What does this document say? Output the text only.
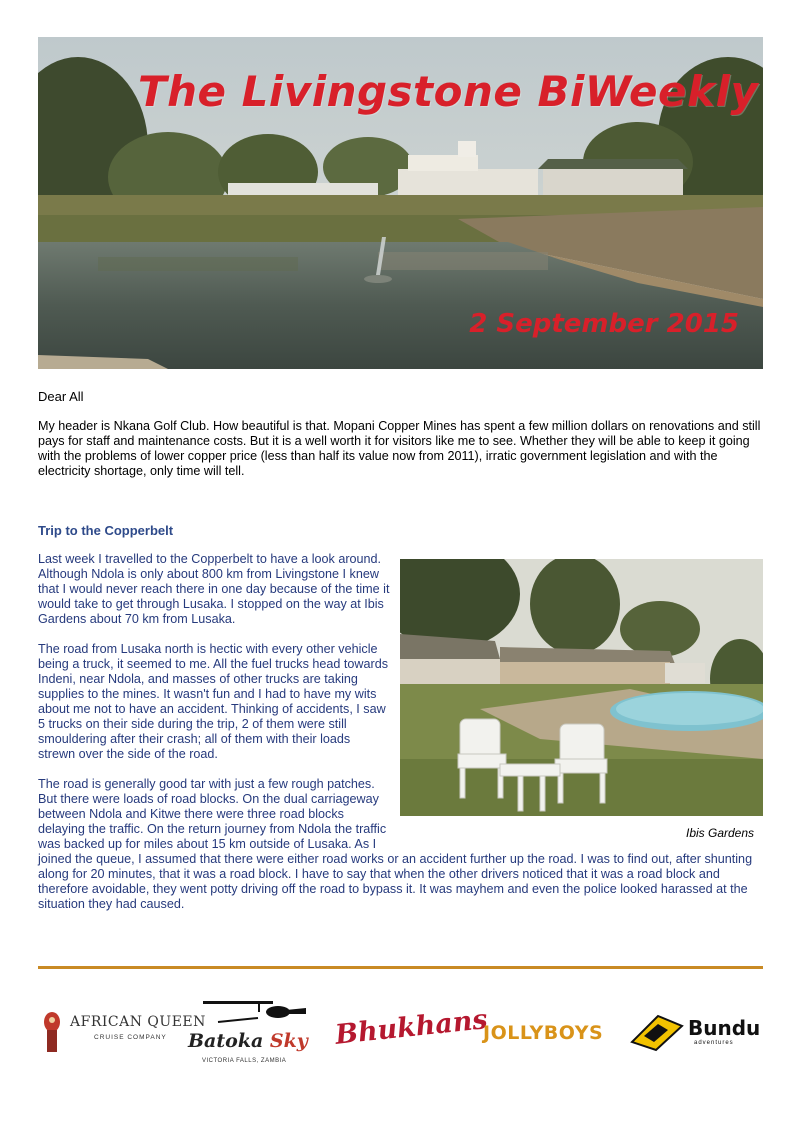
The Livingstone BiWeekly
2 September 2015
Dear All
My header is Nkana Golf Club. How beautiful is that. Mopani Copper Mines has spent a few million dollars on renovations and still pays for staff and maintenance costs. But it is a well worth it for visitors like me to see. Whether they will be able to keep it going with the problems of lower copper price (less than half its value now from 2011), irratic government legislation and with the electricity shortage, only time will tell.
Trip to the Copperbelt

Last week I travelled to the Copperbelt to have a look around. Although Ndola is only about 800 km from Livingstone I knew that I would never reach there in one day because of the time it would take to get through Lusaka. I stopped on the way at Ibis Gardens about 70 km from Lusaka.

The road from Lusaka north is hectic with every other vehicle being a truck, it seemed to me. All the fuel trucks head towards Indeni, near Ndola, and masses of other trucks are taking supplies to the mines. It wasn't fun and I had to have my wits about me not to have an accident. Thinking of accidents, I saw 5 trucks on their side during the trip, 2 of them were still smouldering after their crash; all of them with their loads strewn over the side of the road.

The road is generally good tar with just a few rough patches. But there were loads of road blocks. On the dual carriageway between Ndola and Kitwe there were three road blocks delaying the traffic. On the return journey from Ndola the traffic was backed up for miles about 15 km outside of Lusaka. As I joined the queue, I assumed that there were either road works or an accident further up the road. I was to find out, after shunting along for 20 minutes, that it was a road block. I have to say that when the other drivers noticed that it was a road block and therefore avoidable, they went potty driving off the road to bypass it. It was mayhem and even the police looked harassed at the situation they had caused.

Ibis Gardens
AFRICAN QUEEN
CRUISE COMPANY Batoka Sky
VICTORIA FALLS, ZAMBIA
Bhukhans
JOLLYBOYS	Bundu
adventures
